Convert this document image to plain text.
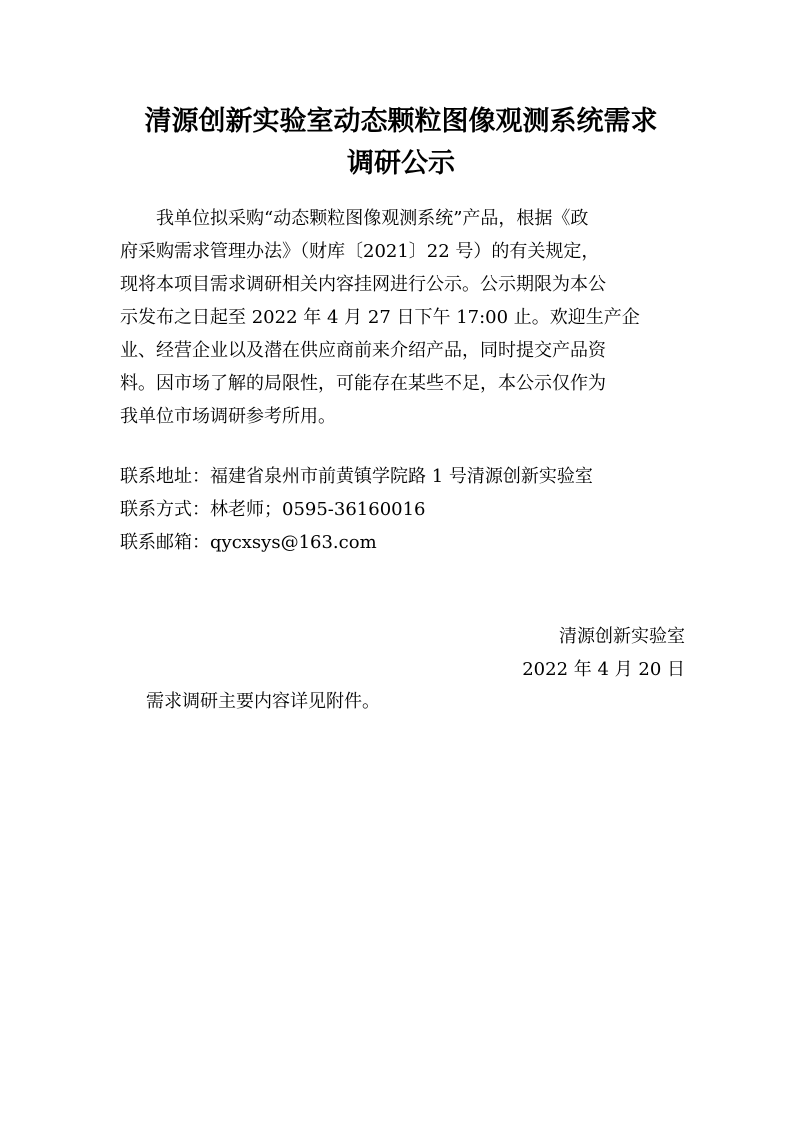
清源创新实验室动态颗粒图像观测系统需求
调研公示

我单位拟采购“动态颗粒图像观测系统”产品，根据《政

府采购需求管理办法》（财库〔2021〕22 号）的有关规定，

现将本项目需求调研相关内容挂网进行公示。公示期限为本公

示发布之日起至 2022 年 4 月 27 日下午 17:00 止。欢迎生产企

业、经营企业以及潜在供应商前来介绍产品，同时提交产品资

料。因市场了解的局限性，可能存在某些不足，本公示仅作为

我单位市场调研参考所用。

联系地址：福建省泉州市前黄镇学院路 1 号清源创新实验室

联系方式：林老师；0595-36160016

联系邮箱：qycxsys@163.com

清源创新实验室

2022 年 4 月 20 日

需求调研主要内容详见附件。
